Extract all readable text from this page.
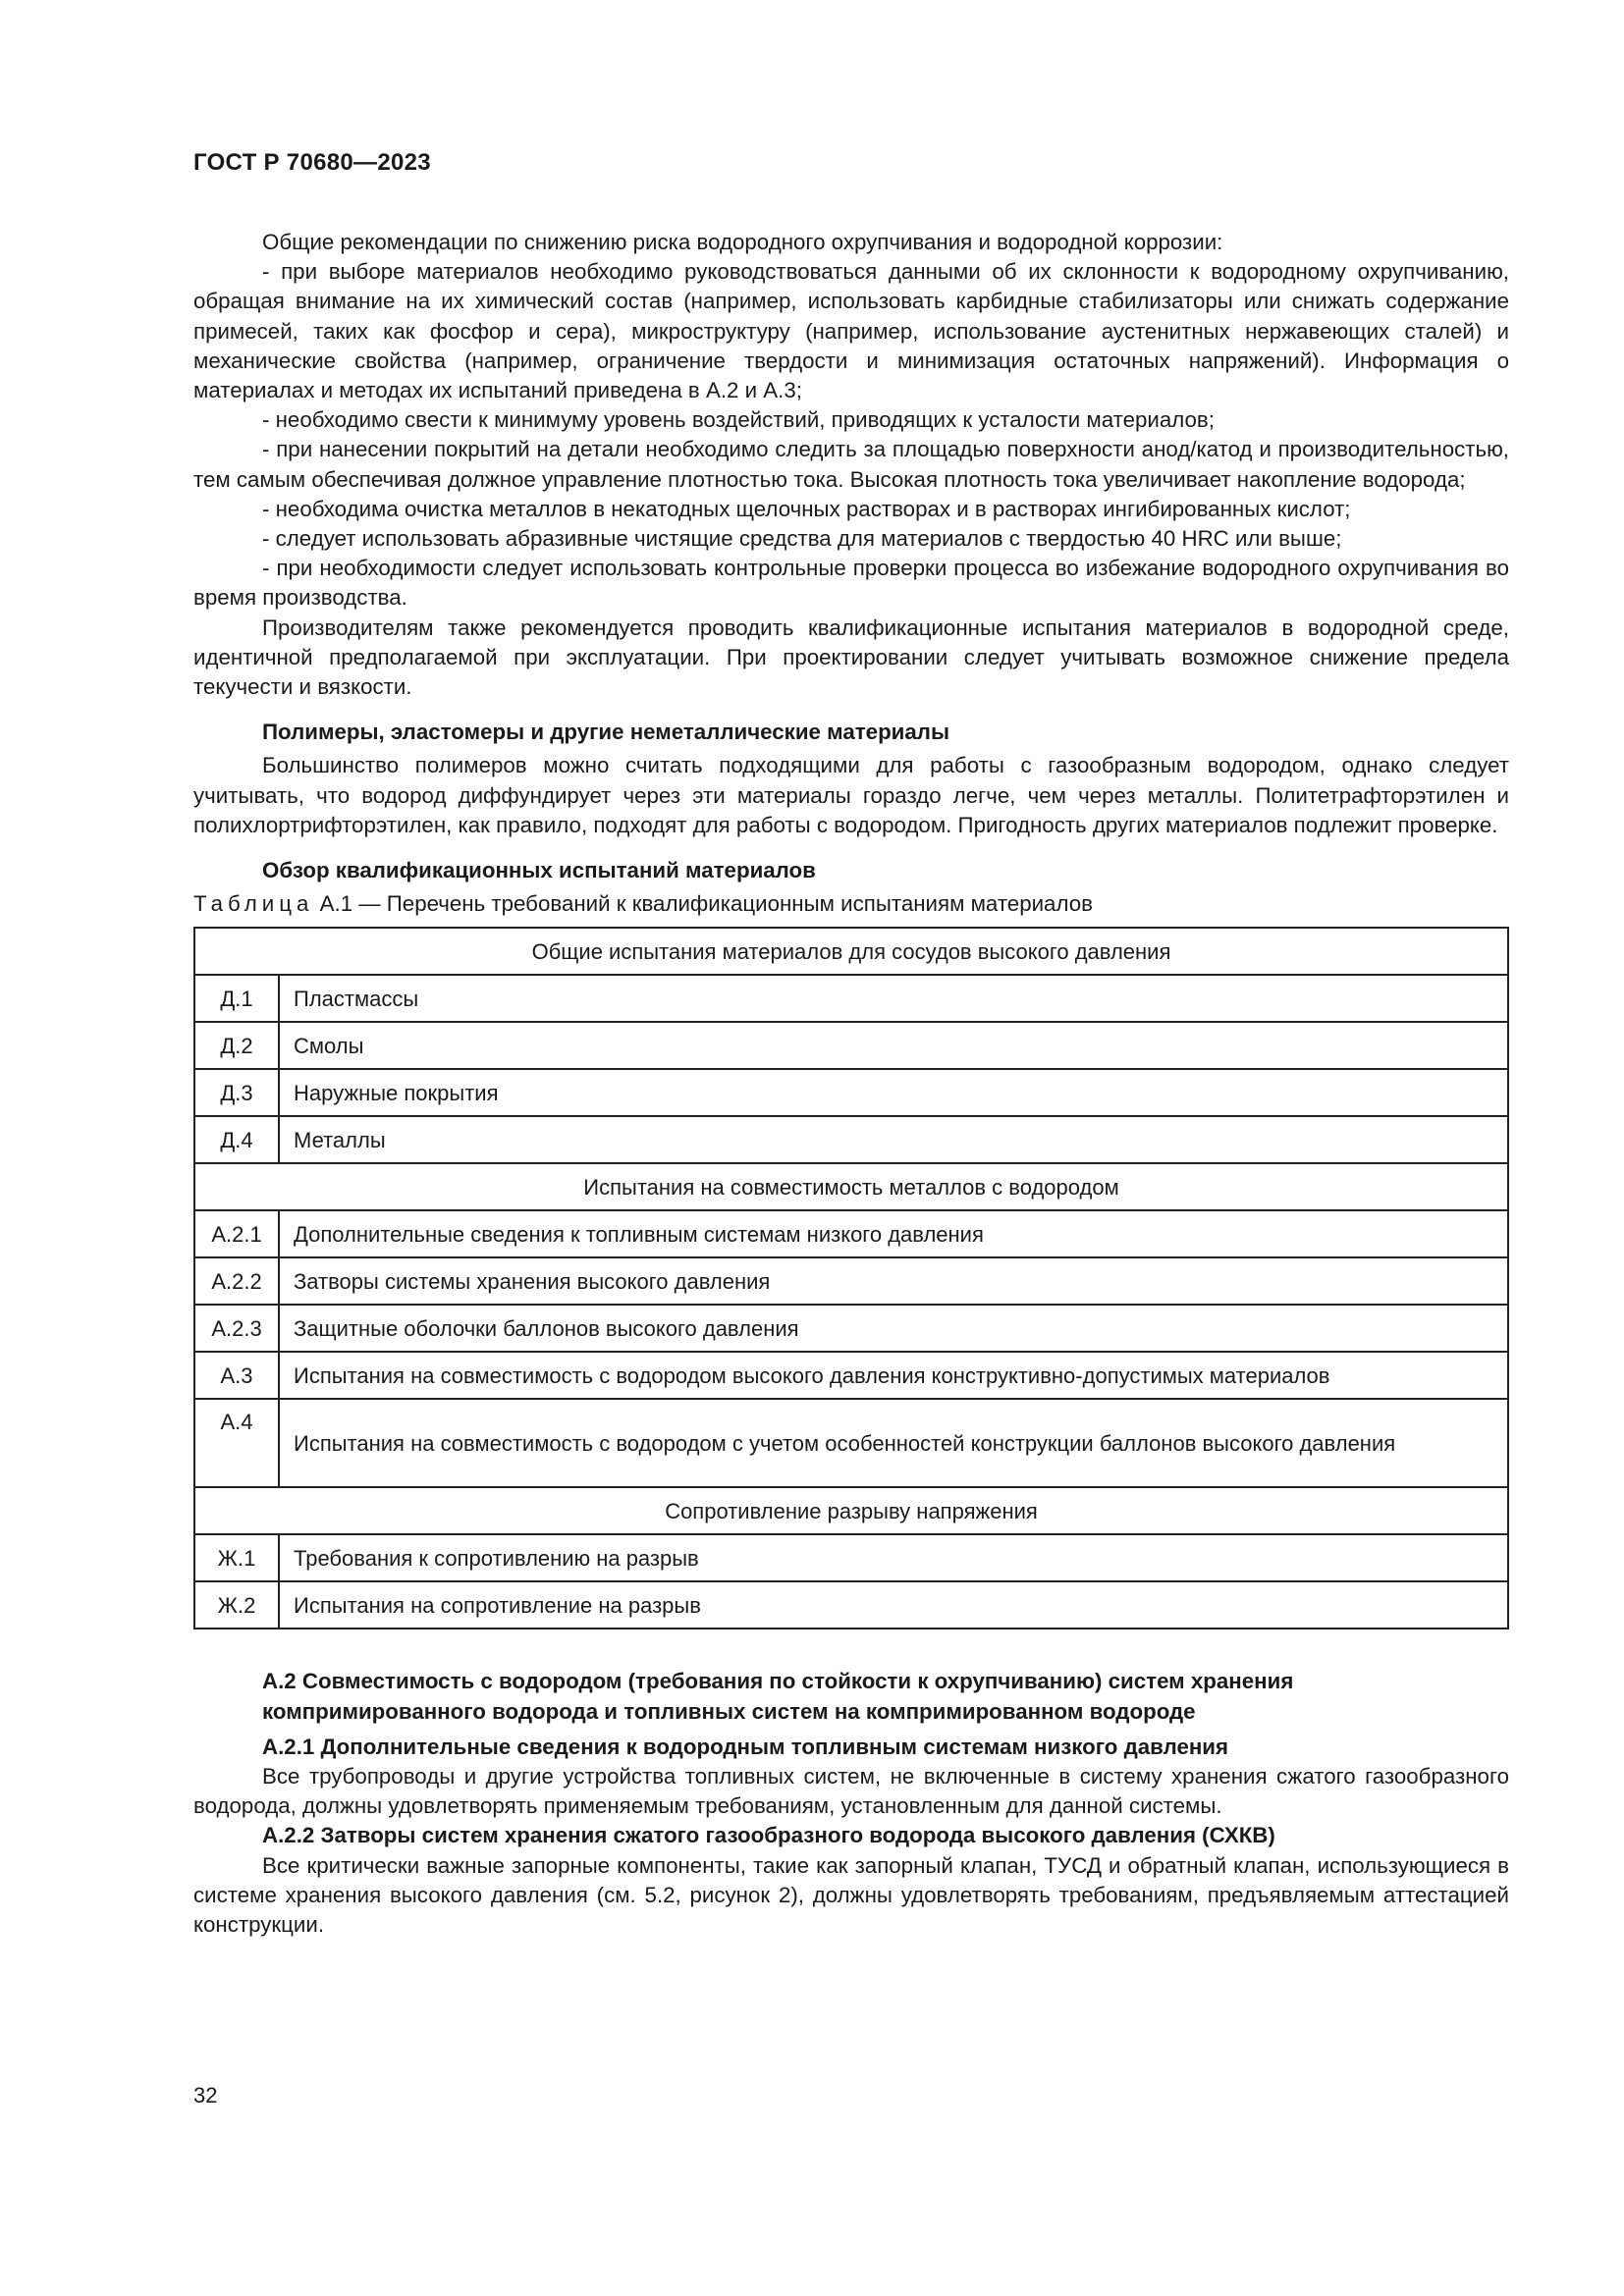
ГОСТ Р 70680—2023

Общие рекомендации по снижению риска водородного охрупчивания и водородной коррозии:

- при выборе материалов необходимо руководствоваться данными об их склонности к водородному охрупчиванию, обращая внимание на их химический состав (например, использовать карбидные стабилизаторы или снижать содержание примесей, таких как фосфор и сера), микроструктуру (например, использование аустенитных нержавеющих сталей) и механические свойства (например, ограничение твердости и минимизация остаточных напряжений). Информация о материалах и методах их испытаний приведена в А.2 и А.3;

- необходимо свести к минимуму уровень воздействий, приводящих к усталости материалов;

- при нанесении покрытий на детали необходимо следить за площадью поверхности анод/катод и производительностью, тем самым обеспечивая должное управление плотностью тока. Высокая плотность тока увеличивает накопление водорода;

- необходима очистка металлов в некатодных щелочных растворах и в растворах ингибированных кислот;

- следует использовать абразивные чистящие средства для материалов с твердостью 40 HRC или выше;

- при необходимости следует использовать контрольные проверки процесса во избежание водородного охрупчивания во время производства.

Производителям также рекомендуется проводить квалификационные испытания материалов в водородной среде, идентичной предполагаемой при эксплуатации. При проектировании следует учитывать возможное снижение предела текучести и вязкости.

Полимеры, эластомеры и другие неметаллические материалы

Большинство полимеров можно считать подходящими для работы с газообразным водородом, однако следует учитывать, что водород диффундирует через эти материалы гораздо легче, чем через металлы. Политетрафторэтилен и полихлортрифторэтилен, как правило, подходят для работы с водородом. Пригодность других материалов подлежит проверке.

Обзор квалификационных испытаний материалов

Таблица А.1 — Перечень требований к квалификационным испытаниям материалов

Общие испытания материалов для сосудов высокого давления	
Д.1	Пластмассы
Д.2	Смолы
Д.3	Наружные покрытия
Д.4	Металлы
Испытания на совместимость металлов с водородом	
А.2.1	Дополнительные сведения к топливным системам низкого давления
А.2.2	Затворы системы хранения высокого давления
А.2.3	Защитные оболочки баллонов высокого давления
А.3	Испытания на совместимость с водородом высокого давления конструктивно-допустимых материалов
А.4	Испытания на совместимость с водородом с учетом особенностей конструкции баллонов высокого давления
Сопротивление разрыву напряжения	
Ж.1	Требования к сопротивлению на разрыв
Ж.2	Испытания на сопротивление на разрыв

А.2 Совместимость с водородом (требования по стойкости к охрупчиванию) систем хранения компримированного водорода и топливных систем на компримированном водороде

А.2.1 Дополнительные сведения к водородным топливным системам низкого давления

Все трубопроводы и другие устройства топливных систем, не включенные в систему хранения сжатого газообразного водорода, должны удовлетворять применяемым требованиям, установленным для данной системы.

А.2.2 Затворы систем хранения сжатого газообразного водорода высокого давления (СХКВ)

Все критически важные запорные компоненты, такие как запорный клапан, ТУСД и обратный клапан, использующиеся в системе хранения высокого давления (см. 5.2, рисунок 2), должны удовлетворять требованиям, предъявляемым аттестацией конструкции.

32
